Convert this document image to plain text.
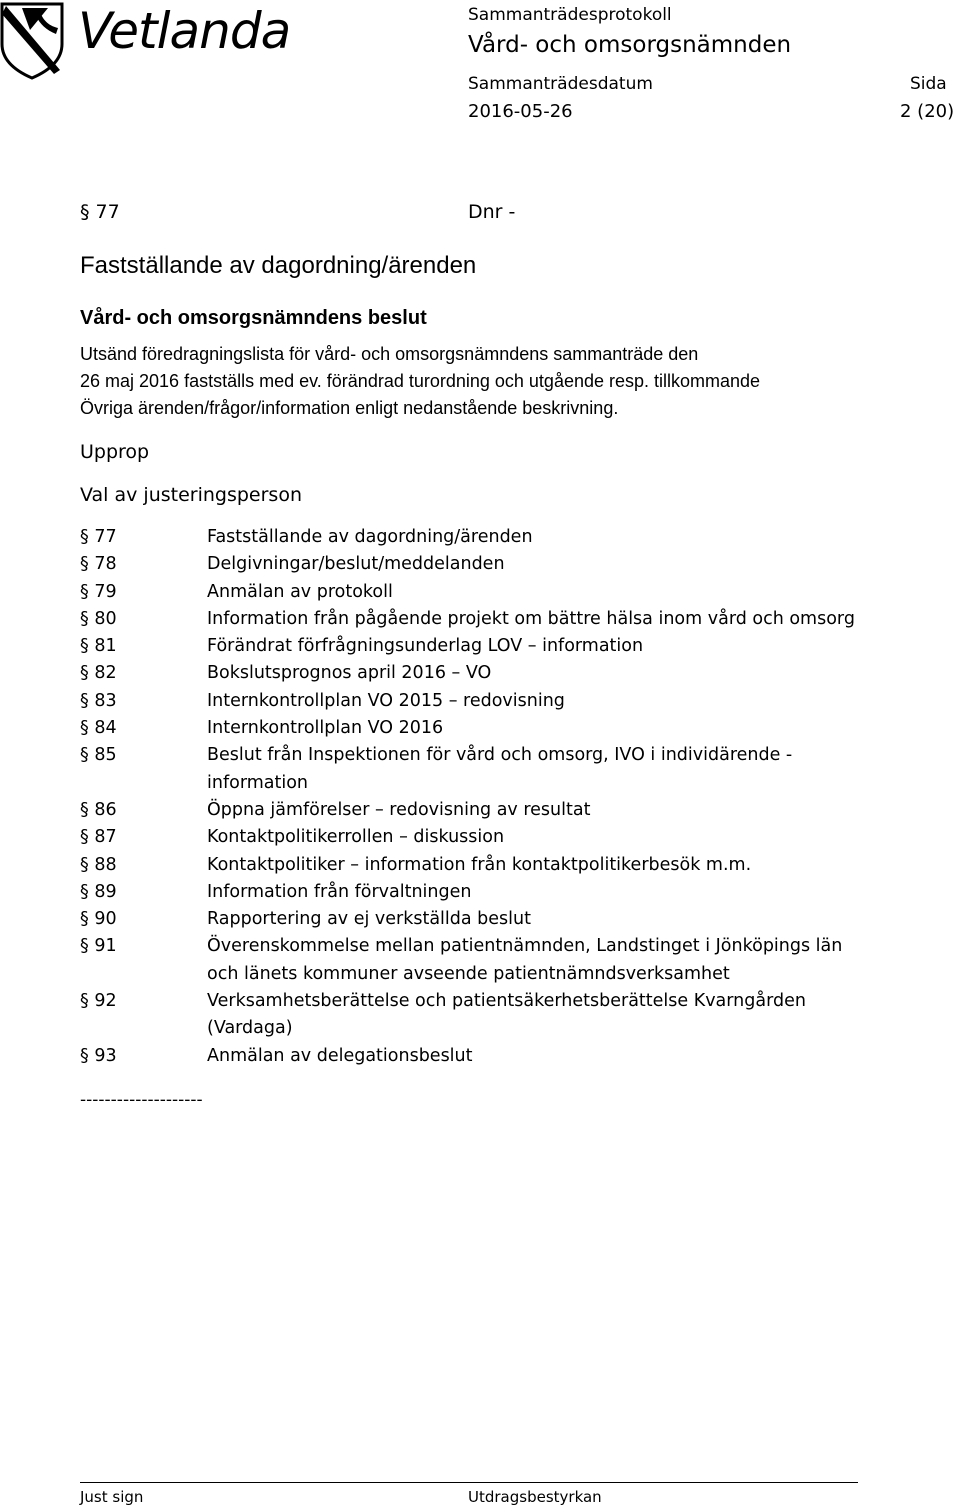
Vetlanda	Sammanträdesprotokoll
Vård- och omsorgsnämnden
Sammanträdesdatum	Sida
2016-05-26	2 (20)
§ 77	Dnr -
Fastställande av dagordning/ärenden
Vård- och omsorgsnämndens beslut
Utsänd föredragningslista för vård- och omsorgsnämndens sammanträde den
26 maj 2016 fastställs med ev. förändrad turordning och utgående resp. tillkommande
Övriga ärenden/frågor/information enligt nedanstående beskrivning.
Upprop
Val av justeringsperson
§ 77	Fastställande av dagordning/ärenden
§ 78	Delgivningar/beslut/meddelanden
§ 79	Anmälan av protokoll
§ 80	Information från pågående projekt om bättre hälsa inom vård och omsorg
§ 81	Förändrat förfrågningsunderlag LOV – information
§ 82	Bokslutsprognos april 2016 – VO
§ 83	Internkontrollplan VO 2015 – redovisning
§ 84	Internkontrollplan VO 2016
§ 85	Beslut från Inspektionen för vård och omsorg, IVO i individärende -
information
§ 86	Öppna jämförelser – redovisning av resultat
§ 87	Kontaktpolitikerrollen – diskussion
§ 88	Kontaktpolitiker – information från kontaktpolitikerbesök m.m.
§ 89	Information från förvaltningen
§ 90	Rapportering av ej verkställda beslut
§ 91	Överenskommelse mellan patientnämnden, Landstinget i Jönköpings län
och länets kommuner avseende patientnämndsverksamhet
§ 92	Verksamhetsberättelse och patientsäkerhetsberättelse Kvarngården
(Vardaga)
§ 93	Anmälan av delegationsbeslut
--------------------
Just sign	Utdragsbestyrkan
